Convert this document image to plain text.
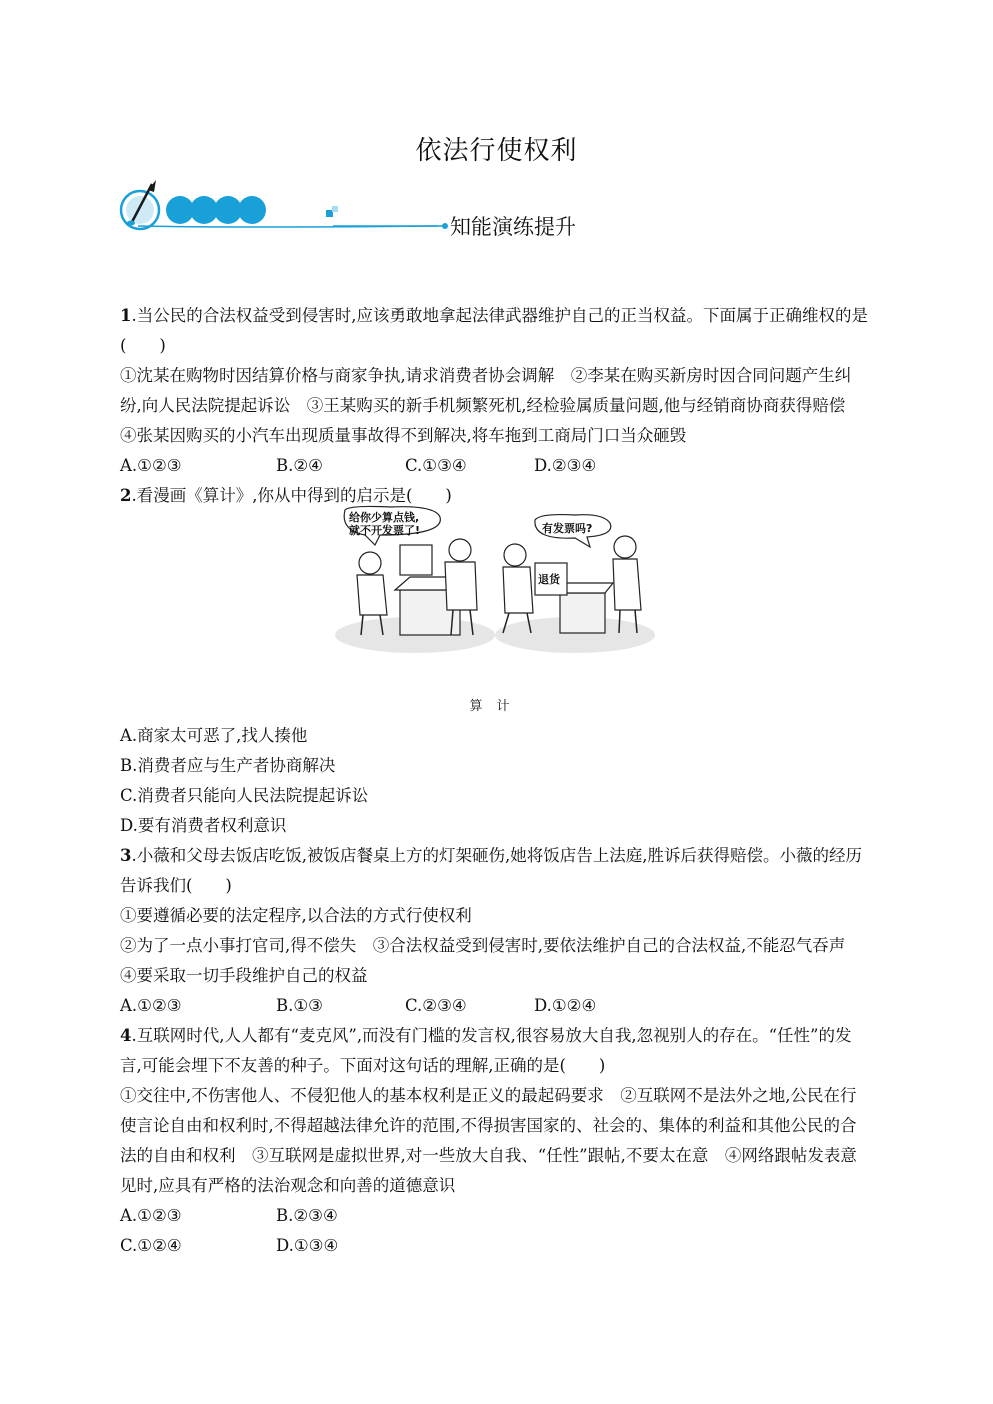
依法行使权利
知能演练提升
1.当公民的合法权益受到侵害时,应该勇敢地拿起法律武器维护自己的正当权益。下面属于正确维权的是(　　)
①沈某在购物时因结算价格与商家争执,请求消费者协会调解　②李某在购买新房时因合同问题产生纠纷,向人民法院提起诉讼　③王某购买的新手机频繁死机,经检验属质量问题,他与经销商协商获得赔偿　④张某因购买的小汽车出现质量事故得不到解决,将车拖到工商局门口当众砸毁
A.①②③	B.②④	C.①③④	D.②③④
2.看漫画《算计》,你从中得到的启示是(　　)
给你少算点钱,
就不开发票了!	有发票吗?
退货
算计
A.商家太可恶了,找人揍他
B.消费者应与生产者协商解决
C.消费者只能向人民法院提起诉讼
D.要有消费者权利意识
3.小薇和父母去饭店吃饭,被饭店餐桌上方的灯架砸伤,她将饭店告上法庭,胜诉后获得赔偿。小薇的经历告诉我们(　　)
①要遵循必要的法定程序,以合法的方式行使权利
②为了一点小事打官司,得不偿失　③合法权益受到侵害时,要依法维护自己的合法权益,不能忍气吞声　④要采取一切手段维护自己的权益
A.①②③	B.①③	C.②③④	D.①②④
4.互联网时代,人人都有“麦克风”,而没有门槛的发言权,很容易放大自我,忽视别人的存在。“任性”的发言,可能会埋下不友善的种子。下面对这句话的理解,正确的是(　　)
①交往中,不伤害他人、不侵犯他人的基本权利是正义的最起码要求　②互联网不是法外之地,公民在行使言论自由和权利时,不得超越法律允许的范围,不得损害国家的、社会的、集体的利益和其他公民的合法的自由和权利　③互联网是虚拟世界,对一些放大自我、“任性”跟帖,不要太在意　④网络跟帖发表意见时,应具有严格的法治观念和向善的道德意识
A.①②③	B.②③④
C.①②④	D.①③④
